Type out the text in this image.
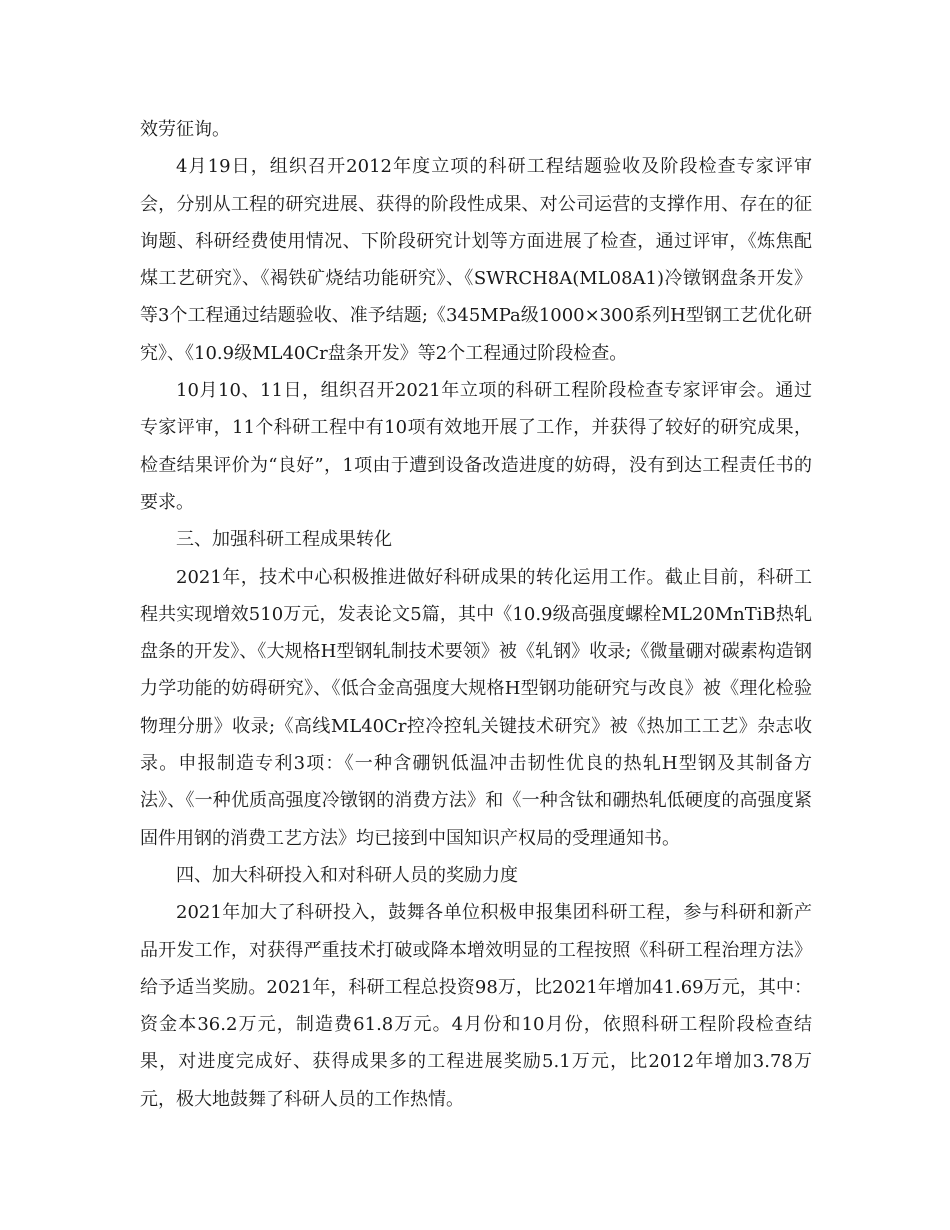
效劳征询。

4月19日，组织召开2012年度立项的科研工程结题验收及阶段检查专家评审会，分别从工程的研究进展、获得的阶段性成果、对公司运营的支撑作用、存在的征询题、科研经费使用情况、下阶段研究计划等方面进展了检查，通过评审，《炼焦配煤工艺研究》、《褐铁矿烧结功能研究》、《SWRCH8A(ML08A1)冷镦钢盘条开发》等3个工程通过结题验收、准予结题;《345MPa级1000×300系列H型钢工艺优化研究》、《10.9级ML40Cr盘条开发》等2个工程通过阶段检查。

10月10、11日，组织召开2021年立项的科研工程阶段检查专家评审会。通过专家评审，11个科研工程中有10项有效地开展了工作，并获得了较好的研究成果，检查结果评价为“良好”，1项由于遭到设备改造进度的妨碍，没有到达工程责任书的要求。

三、加强科研工程成果转化

2021年，技术中心积极推进做好科研成果的转化运用工作。截止目前，科研工程共实现增效510万元，发表论文5篇，其中《10.9级高强度螺栓ML20MnTiB热轧盘条的开发》、《大规格H型钢轧制技术要领》被《轧钢》收录;《微量硼对碳素构造钢力学功能的妨碍研究》、《低合金高强度大规格H型钢功能研究与改良》被《理化检验物理分册》收录;《高线ML40Cr控冷控轧关键技术研究》被《热加工工艺》杂志收录。申报制造专利3项：《一种含硼钒低温冲击韧性优良的热轧H型钢及其制备方法》、《一种优质高强度冷镦钢的消费方法》和《一种含钛和硼热轧低硬度的高强度紧固件用钢的消费工艺方法》均已接到中国知识产权局的受理通知书。

四、加大科研投入和对科研人员的奖励力度

2021年加大了科研投入，鼓舞各单位积极申报集团科研工程，参与科研和新产品开发工作，对获得严重技术打破或降本增效明显的工程按照《科研工程治理方法》给予适当奖励。2021年，科研工程总投资98万，比2021年增加41.69万元，其中：资金本36.2万元，制造费61.8万元。4月份和10月份，依照科研工程阶段检查结果，对进度完成好、获得成果多的工程进展奖励5.1万元，比2012年增加3.78万元，极大地鼓舞了科研人员的工作热情。
